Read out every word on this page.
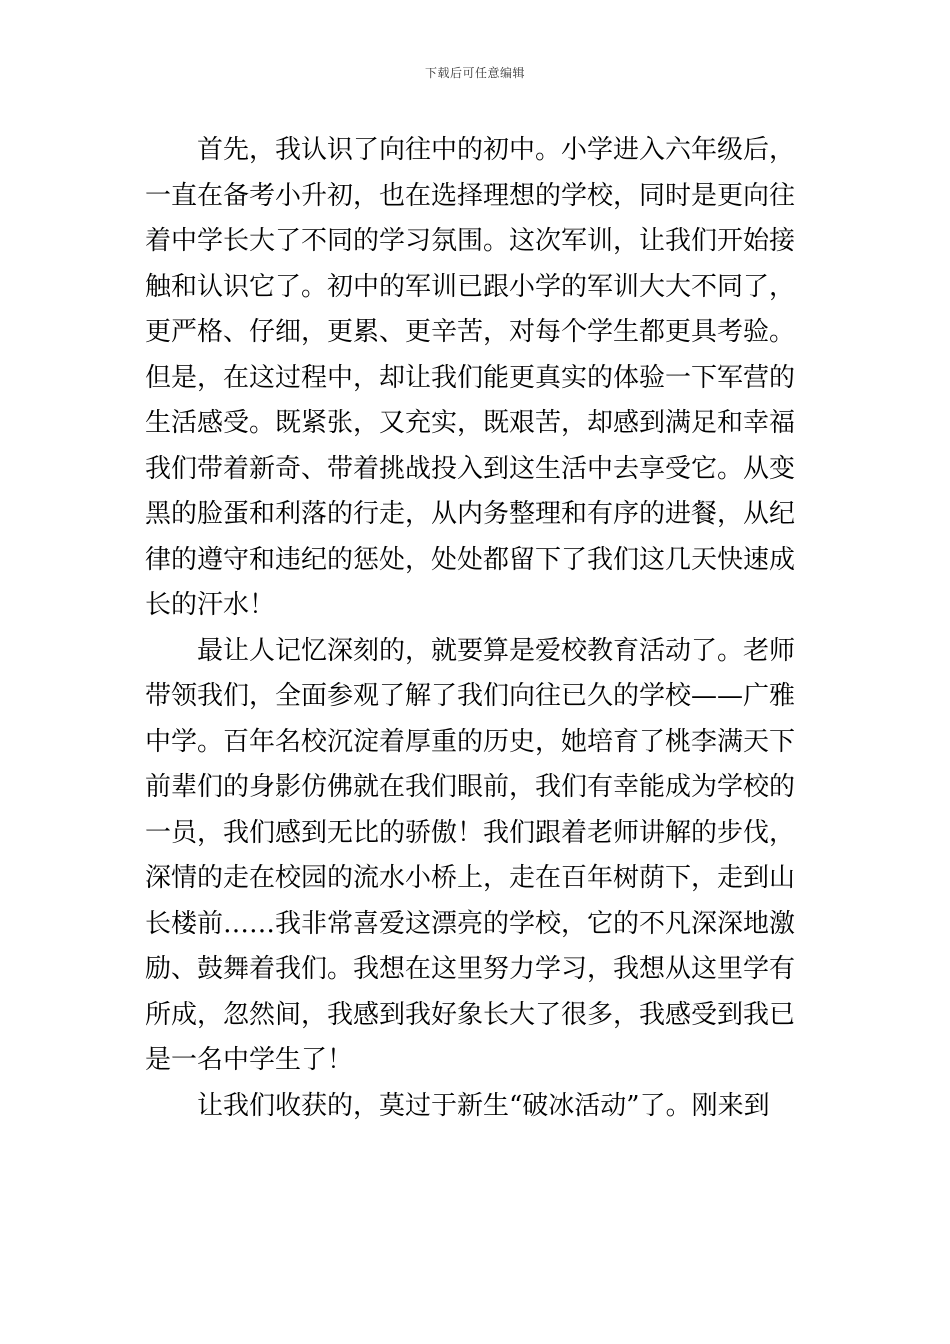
下载后可任意编辑
首先，我认识了向往中的初中。小学进入六年级后，
一直在备考小升初，也在选择理想的学校，同时是更向往
着中学长大了不同的学习氛围。这次军训，让我们开始接
触和认识它了。初中的军训已跟小学的军训大大不同了，
更严格、仔细，更累、更辛苦，对每个学生都更具考验。
但是，在这过程中，却让我们能更真实的体验一下军营的
生活感受。既紧张，又充实，既艰苦，却感到满足和幸福
我们带着新奇、带着挑战投入到这生活中去享受它。从变
黑的脸蛋和利落的行走，从内务整理和有序的进餐，从纪
律的遵守和违纪的惩处，处处都留下了我们这几天快速成
长的汗水！
最让人记忆深刻的，就要算是爱校教育活动了。老师
带领我们，全面参观了解了我们向往已久的学校——广雅
中学。百年名校沉淀着厚重的历史，她培育了桃李满天下
前辈们的身影仿佛就在我们眼前，我们有幸能成为学校的
一员，我们感到无比的骄傲！我们跟着老师讲解的步伐，
深情的走在校园的流水小桥上，走在百年树荫下，走到山
长楼前……我非常喜爱这漂亮的学校，它的不凡深深地激
励、鼓舞着我们。我想在这里努力学习，我想从这里学有
所成，忽然间，我感到我好象长大了很多，我感受到我已
是一名中学生了！
让我们收获的，莫过于新生“破冰活动”了。刚来到
